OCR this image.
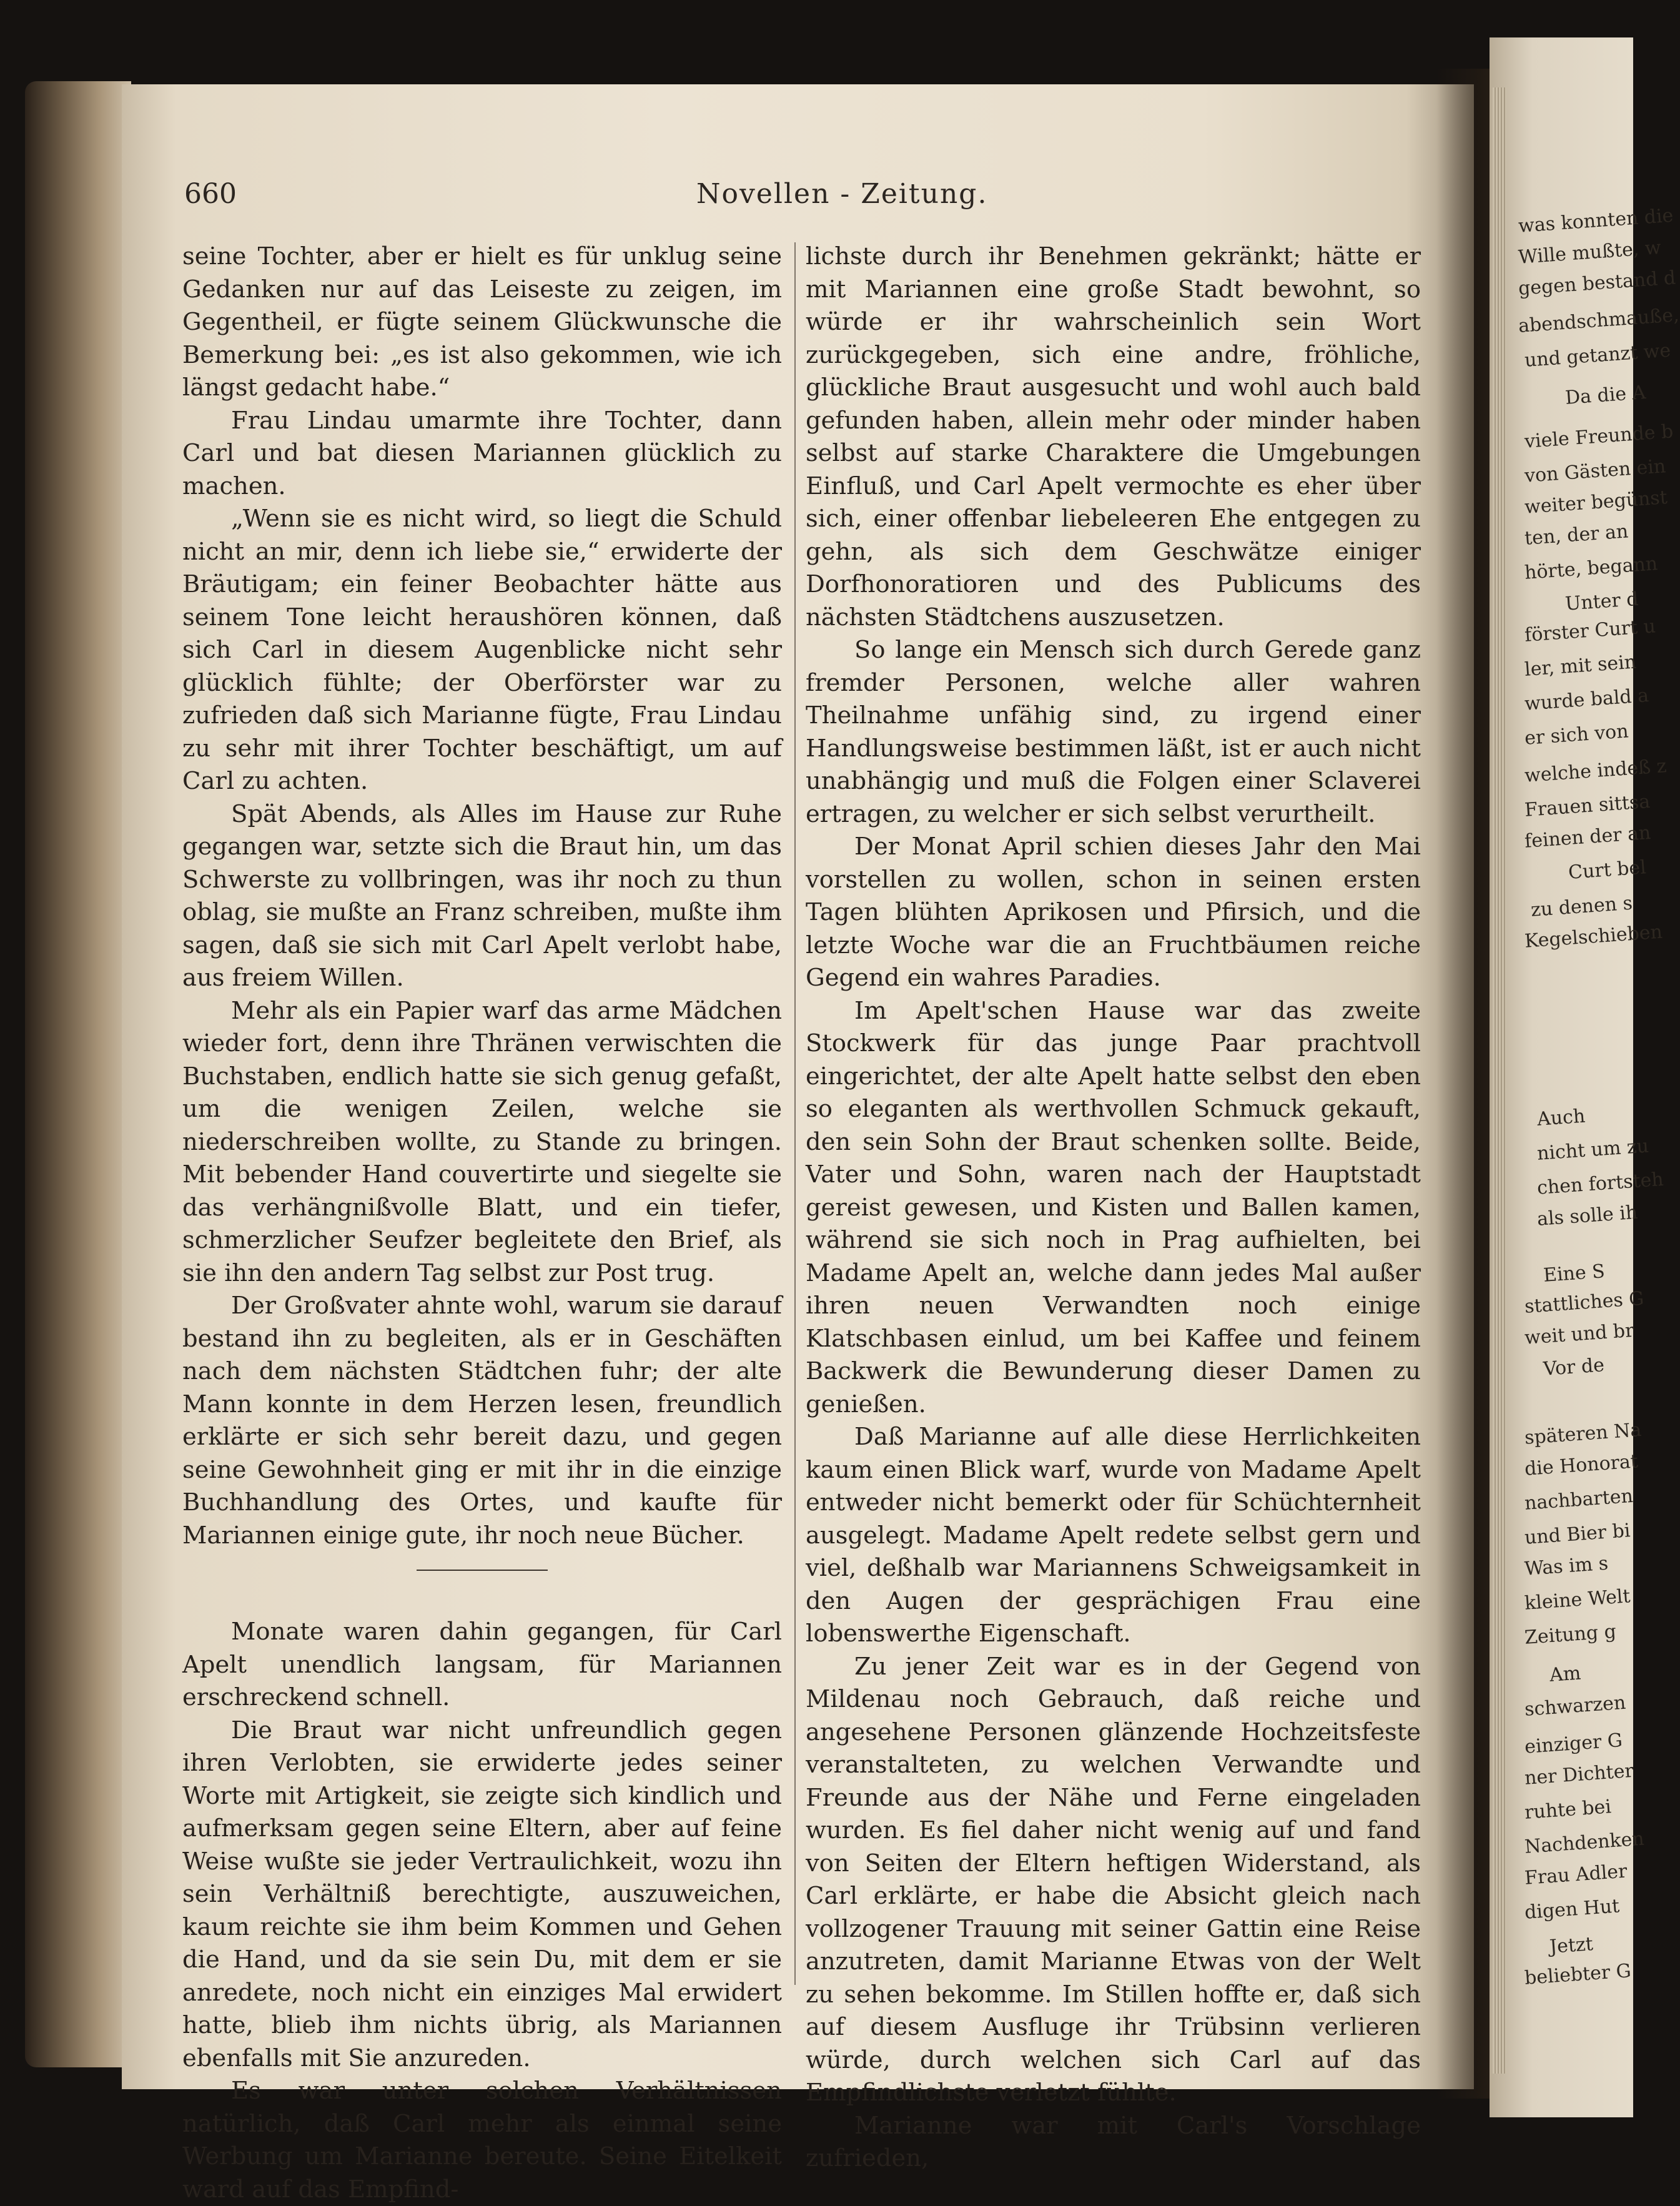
660	Novellen - Zeitung.

seine Tochter, aber er hielt es für unklug seine Gedanken nur auf das Leiseste zu zeigen, im Gegentheil, er fügte seinem Glückwunsche die Bemerkung bei: „es ist also gekommen, wie ich längst gedacht habe.“

Frau Lindau umarmte ihre Tochter, dann Carl und bat diesen Mariannen glücklich zu machen.

„Wenn sie es nicht wird, so liegt die Schuld nicht an mir, denn ich liebe sie,“ erwiderte der Bräutigam; ein feiner Beobachter hätte aus seinem Tone leicht heraushören können, daß sich Carl in diesem Augenblicke nicht sehr glücklich fühlte; der Oberförster war zu zufrieden daß sich Marianne fügte, Frau Lindau zu sehr mit ihrer Tochter beschäftigt, um auf Carl zu achten.

Spät Abends, als Alles im Hause zur Ruhe gegangen war, setzte sich die Braut hin, um das Schwerste zu vollbringen, was ihr noch zu thun oblag, sie mußte an Franz schreiben, mußte ihm sagen, daß sie sich mit Carl Apelt verlobt habe, aus freiem Willen.

Mehr als ein Papier warf das arme Mädchen wieder fort, denn ihre Thränen verwischten die Buchstaben, endlich hatte sie sich genug gefaßt, um die wenigen Zeilen, welche sie niederschreiben wollte, zu Stande zu bringen. Mit bebender Hand couvertirte und siegelte sie das verhängnißvolle Blatt, und ein tiefer, schmerzlicher Seufzer begleitete den Brief, als sie ihn den andern Tag selbst zur Post trug.

Der Großvater ahnte wohl, warum sie darauf bestand ihn zu begleiten, als er in Geschäften nach dem nächsten Städtchen fuhr; der alte Mann konnte in dem Herzen lesen, freundlich erklärte er sich sehr bereit dazu, und gegen seine Gewohnheit ging er mit ihr in die einzige Buchhandlung des Ortes, und kaufte für Mariannen einige gute, ihr noch neue Bücher.

Monate waren dahin gegangen, für Carl Apelt unendlich langsam, für Mariannen erschreckend schnell.

Die Braut war nicht unfreundlich gegen ihren Verlobten, sie erwiderte jedes seiner Worte mit Artigkeit, sie zeigte sich kindlich und aufmerksam gegen seine Eltern, aber auf feine Weise wußte sie jeder Vertraulichkeit, wozu ihn sein Verhältniß berechtigte, auszuweichen, kaum reichte sie ihm beim Kommen und Gehen die Hand, und da sie sein Du, mit dem er sie anredete, noch nicht ein einziges Mal erwidert hatte, blieb ihm nichts übrig, als Mariannen ebenfalls mit Sie anzureden.

Es war unter solchen Verhältnissen natürlich, daß Carl mehr als einmal seine Werbung um Marianne bereute. Seine Eitelkeit ward auf das Empfind-

lichste durch ihr Benehmen gekränkt; hätte er mit Mariannen eine große Stadt bewohnt, so würde er ihr wahrscheinlich sein Wort zurückgegeben, sich eine andre, fröhliche, glückliche Braut ausgesucht und wohl auch bald gefunden haben, allein mehr oder minder haben selbst auf starke Charaktere die Umgebungen Einfluß, und Carl Apelt vermochte es eher über sich, einer offenbar liebeleeren Ehe entgegen zu gehn, als sich dem Geschwätze einiger Dorfhonoratioren und des Publicums des nächsten Städtchens auszusetzen.

So lange ein Mensch sich durch Gerede ganz fremder Personen, welche aller wahren Theilnahme unfähig sind, zu irgend einer Handlungsweise bestimmen läßt, ist er auch nicht unabhängig und muß die Folgen einer Sclaverei ertragen, zu welcher er sich selbst verurtheilt.

Der Monat April schien dieses Jahr den Mai vorstellen zu wollen, schon in seinen ersten Tagen blühten Aprikosen und Pfirsich, und die letzte Woche war die an Fruchtbäumen reiche Gegend ein wahres Paradies.

Im Apelt'schen Hause war das zweite Stockwerk für das junge Paar prachtvoll eingerichtet, der alte Apelt hatte selbst den eben so eleganten als werthvollen Schmuck gekauft, den sein Sohn der Braut schenken sollte. Beide, Vater und Sohn, waren nach der Hauptstadt gereist gewesen, und Kisten und Ballen kamen, während sie sich noch in Prag aufhielten, bei Madame Apelt an, welche dann jedes Mal außer ihren neuen Verwandten noch einige Klatschbasen einlud, um bei Kaffee und feinem Backwerk die Bewunderung dieser Damen zu genießen.

Daß Marianne auf alle diese Herrlichkeiten kaum einen Blick warf, wurde von Madame Apelt entweder nicht bemerkt oder für Schüchternheit ausgelegt. Madame Apelt redete selbst gern und viel, deßhalb war Mariannens Schweigsamkeit in den Augen der gesprächigen Frau eine lobenswerthe Eigenschaft.

Zu jener Zeit war es in der Gegend von Mildenau noch Gebrauch, daß reiche und angesehene Personen glänzende Hochzeitsfeste veranstalteten, zu welchen Verwandte und Freunde aus der Nähe und Ferne eingeladen wurden. Es fiel daher nicht wenig auf und fand von Seiten der Eltern heftigen Widerstand, als Carl erklärte, er habe die Absicht gleich nach vollzogener Trauung mit seiner Gattin eine Reise anzutreten, damit Marianne Etwas von der Welt zu sehen bekomme. Im Stillen hoffte er, daß sich auf diesem Ausfluge ihr Trübsinn verlieren würde, durch welchen sich Carl auf das Empfindlichste verletzt fühlte.

Marianne war mit Carl's Vorschlage zufrieden,

was konnten die
Wille mußte, w
gegen bestand d
abendschmauße,
und getanzt we
Da die A
viele Freunde b
von Gästen ein
weiter begünst
ten, der an
hörte, begann
Unter d
förster Curt u
ler, mit sein
wurde bald a
er sich von
welche indeß z
Frauen sittsa
feinen der an
Curt bel
zu denen s
Kegelschieben
Auch
nicht um zu
chen fortsteh
als solle ih
Eine S
stattliches G
weit und br
Vor de
späteren Na
die Honorat
nachbarten
und Bier bi
Was im s
kleine Welt
Zeitung g
Am
schwarzen
einziger G
ner Dichter
ruhte bei
Nachdenken
Frau Adler
digen Hut
Jetzt
beliebter G
